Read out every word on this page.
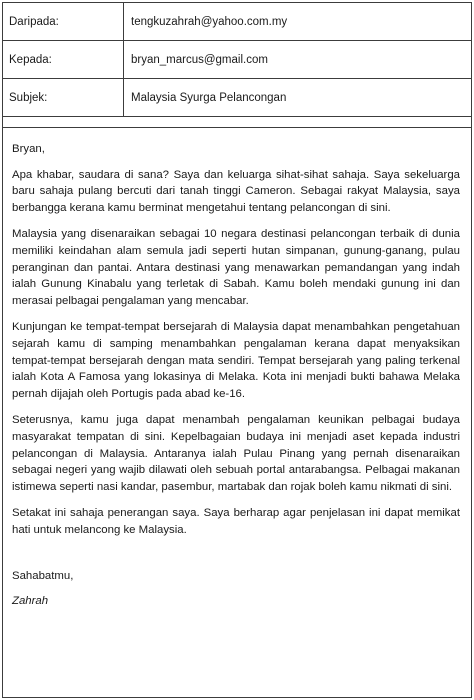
Daripada:	tengkuzahrah@yahoo.com.my
Kepada:	bryan_marcus@gmail.com
Subjek:	Malaysia Syurga Pelancongan

Bryan,

Apa khabar, saudara di sana? Saya dan keluarga sihat-sihat sahaja. Saya sekeluarga baru sahaja pulang bercuti dari tanah tinggi Cameron. Sebagai rakyat Malaysia, saya berbangga kerana kamu berminat mengetahui tentang pelancongan di sini.

Malaysia yang disenaraikan sebagai 10 negara destinasi pelancongan terbaik di dunia memiliki keindahan alam semula jadi seperti hutan simpanan, gunung-ganang, pulau peranginan dan pantai. Antara destinasi yang menawarkan pemandangan yang indah ialah Gunung Kinabalu yang terletak di Sabah. Kamu boleh mendaki gunung ini dan merasai pelbagai pengalaman yang mencabar.

Kunjungan ke tempat-tempat bersejarah di Malaysia dapat menambahkan pengetahuan sejarah kamu di samping menambahkan pengalaman kerana dapat menyaksikan tempat-tempat bersejarah dengan mata sendiri. Tempat bersejarah yang paling terkenal ialah Kota A Famosa yang lokasinya di Melaka. Kota ini menjadi bukti bahawa Melaka pernah dijajah oleh Portugis pada abad ke-16.

Seterusnya, kamu juga dapat menambah pengalaman keunikan pelbagai budaya masyarakat tempatan di sini. Kepelbagaian budaya ini menjadi aset kepada industri pelancongan di Malaysia. Antaranya ialah Pulau Pinang yang pernah disenaraikan sebagai negeri yang wajib dilawati oleh sebuah portal antarabangsa. Pelbagai makanan istimewa seperti nasi kandar, pasembur, martabak dan rojak boleh kamu nikmati di sini.

Setakat ini sahaja penerangan saya. Saya berharap agar penjelasan ini dapat memikat hati untuk melancong ke Malaysia.

Sahabatmu,
Zahrah
